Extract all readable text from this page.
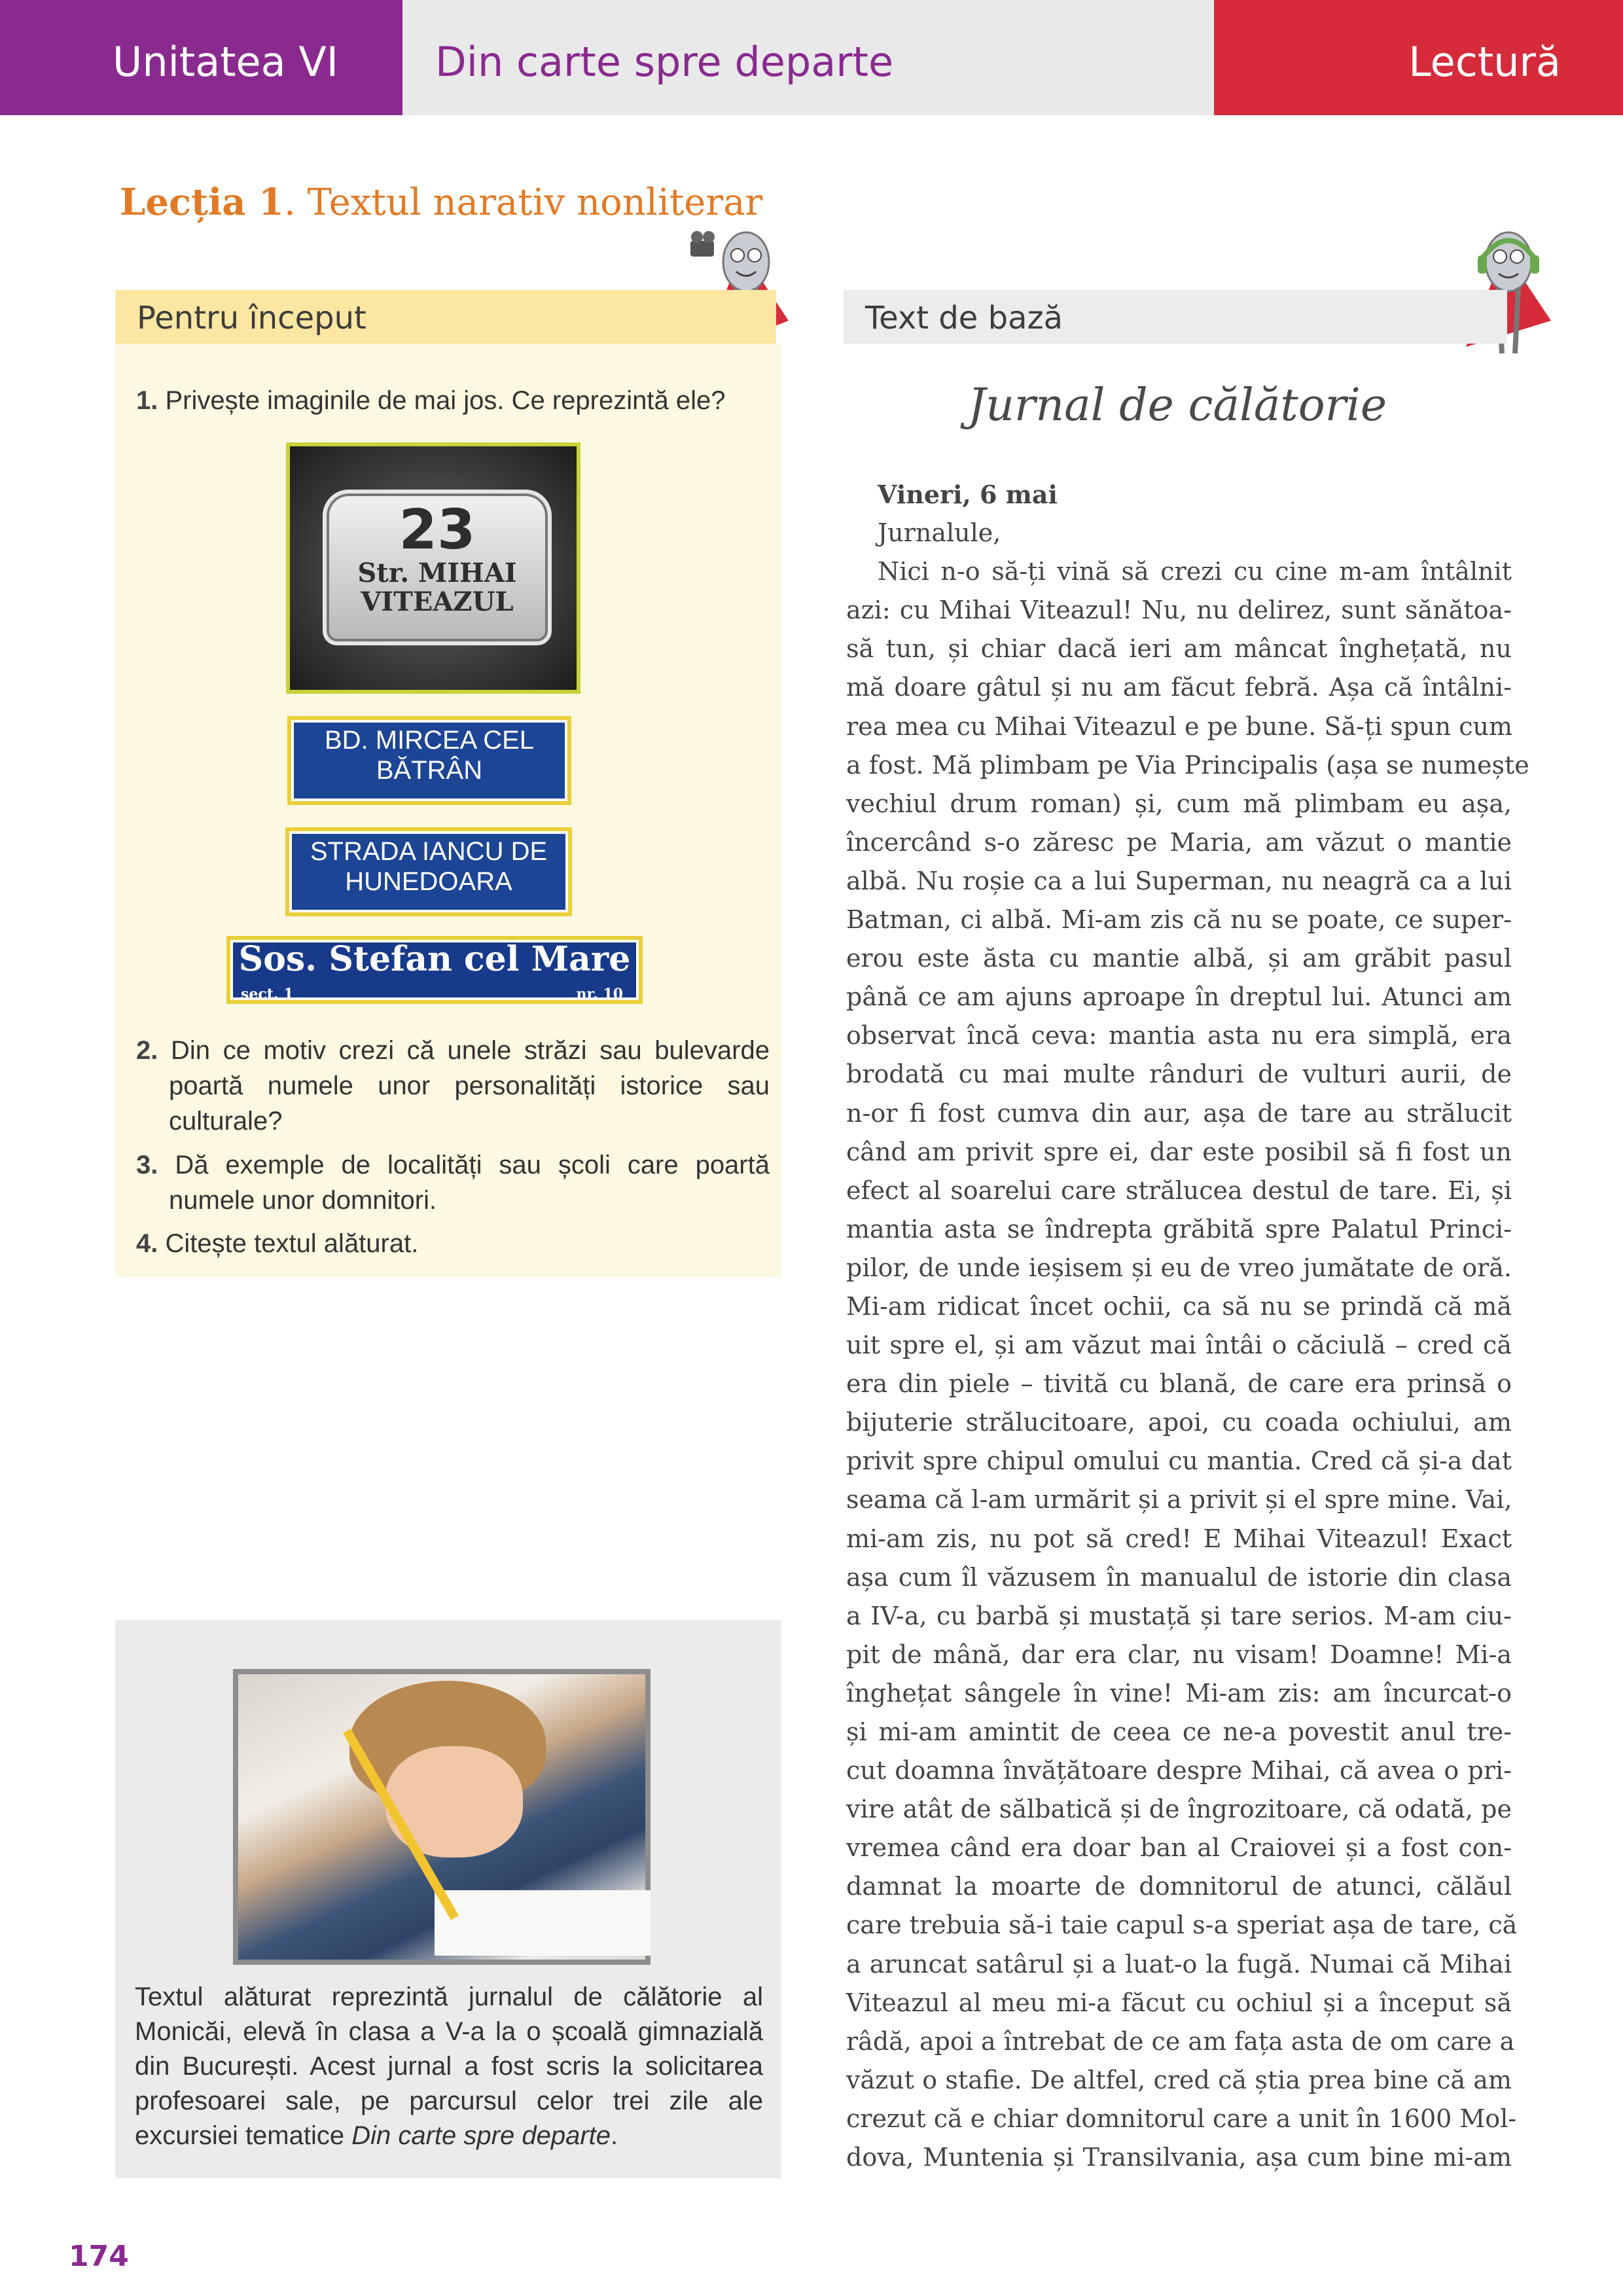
Unitatea VI Din carte spre departe	Lectură
Lecția 1. Textul narativ nonliterar
Pentru început
1. Privește imaginile de mai jos. Ce reprezintă ele?
23
Str. MIHAI
VITEAZUL
BD. MIRCEA CEL
BĂTRÂN
STRADA IANCU DE
HUNEDOARA
Sos. Stefan cel Mare
sect. 1	nr. 10
2. Din ce motiv crezi că unele străzi sau bulevarde poartă numele unor personalități istorice sau culturale?
3. Dă exemple de localități sau școli care poartă numele unor domnitori.
4. Citește textul alăturat.
Textul alăturat reprezintă jurnalul de călătorie al Monicăi, elevă în clasa a V-a la o școală gimnazială din București. Acest jurnal a fost scris la solicitarea profesoarei sale, pe parcursul celor trei zile ale excursiei tematice Din carte spre departe.
174
Text de bază
Jurnal de călătorie
Vineri, 6 mai
Jurnalule,
Nici n-o să-ți vină să crezi cu cine m-am întâlnit
azi: cu Mihai Viteazul! Nu, nu delirez, sunt sănătoa-
să tun, și chiar dacă ieri am mâncat înghețată, nu
mă doare gâtul și nu am făcut febră. Așa că întâlni-
rea mea cu Mihai Viteazul e pe bune. Să-ți spun cum
a fost. Mă plimbam pe Via Principalis (așa se numește
vechiul drum roman) și, cum mă plimbam eu așa,
încercând s-o zăresc pe Maria, am văzut o mantie
albă. Nu roșie ca a lui Superman, nu neagră ca a lui
Batman, ci albă. Mi-am zis că nu se poate, ce super-
erou este ăsta cu mantie albă, și am grăbit pasul
până ce am ajuns aproape în dreptul lui. Atunci am
observat încă ceva: mantia asta nu era simplă, era
brodată cu mai multe rânduri de vulturi aurii, de
n-or fi fost cumva din aur, așa de tare au strălucit
când am privit spre ei, dar este posibil să fi fost un
efect al soarelui care strălucea destul de tare. Ei, și
mantia asta se îndrepta grăbită spre Palatul Princi-
pilor, de unde ieșisem și eu de vreo jumătate de oră.
Mi-am ridicat încet ochii, ca să nu se prindă că mă
uit spre el, și am văzut mai întâi o căciulă – cred că
era din piele – tivită cu blană, de care era prinsă o
bijuterie strălucitoare, apoi, cu coada ochiului, am
privit spre chipul omului cu mantia. Cred că și-a dat
seama că l-am urmărit și a privit și el spre mine. Vai,
mi-am zis, nu pot să cred! E Mihai Viteazul! Exact
așa cum îl văzusem în manualul de istorie din clasa
a IV-a, cu barbă și mustață și tare serios. M-am ciu-
pit de mână, dar era clar, nu visam! Doamne! Mi-a
înghețat sângele în vine! Mi-am zis: am încurcat-o
și mi-am amintit de ceea ce ne-a povestit anul tre-
cut doamna învățătoare despre Mihai, că avea o pri-
vire atât de sălbatică și de îngrozitoare, că odată, pe
vremea când era doar ban al Craiovei și a fost con-
damnat la moarte de domnitorul de atunci, călăul
care trebuia să-i taie capul s-a speriat așa de tare, că
a aruncat satârul și a luat-o la fugă. Numai că Mihai
Viteazul al meu mi-a făcut cu ochiul și a început să
râdă, apoi a întrebat de ce am fața asta de om care a
văzut o stafie. De altfel, cred că știa prea bine că am
crezut că e chiar domnitorul care a unit în 1600 Mol-
dova, Muntenia și Transilvania, așa cum bine mi-am
